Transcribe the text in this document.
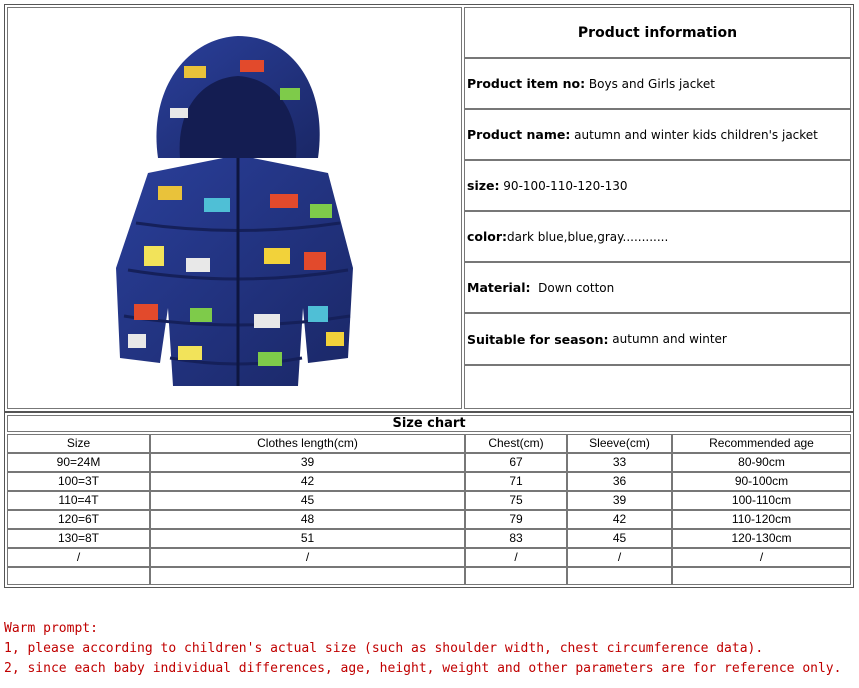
Product information
Product item no: Boys and Girls jacket
Product name: autumn and winter kids children's jacket
size: 90-100-110-120-130
color: dark blue,blue,gray............
Material: Down cotton
Suitable for season: autumn and winter
Size chart
Size	Clothes length(cm)	Chest(cm)	Sleeve(cm)	Recommended age
90=24M	39	67	33	80-90cm
100=3T	42	71	36	90-100cm
110=4T	45	75	39	100-110cm
120=6T	48	79	42	110-120cm
130=8T	51	83	45	120-130cm
/	/	/	/	/
Warm prompt:
1, please according to children's actual size (such as shoulder width, chest circumference data).
2, since each baby individual differences, age, height, weight and other parameters are for reference only.
